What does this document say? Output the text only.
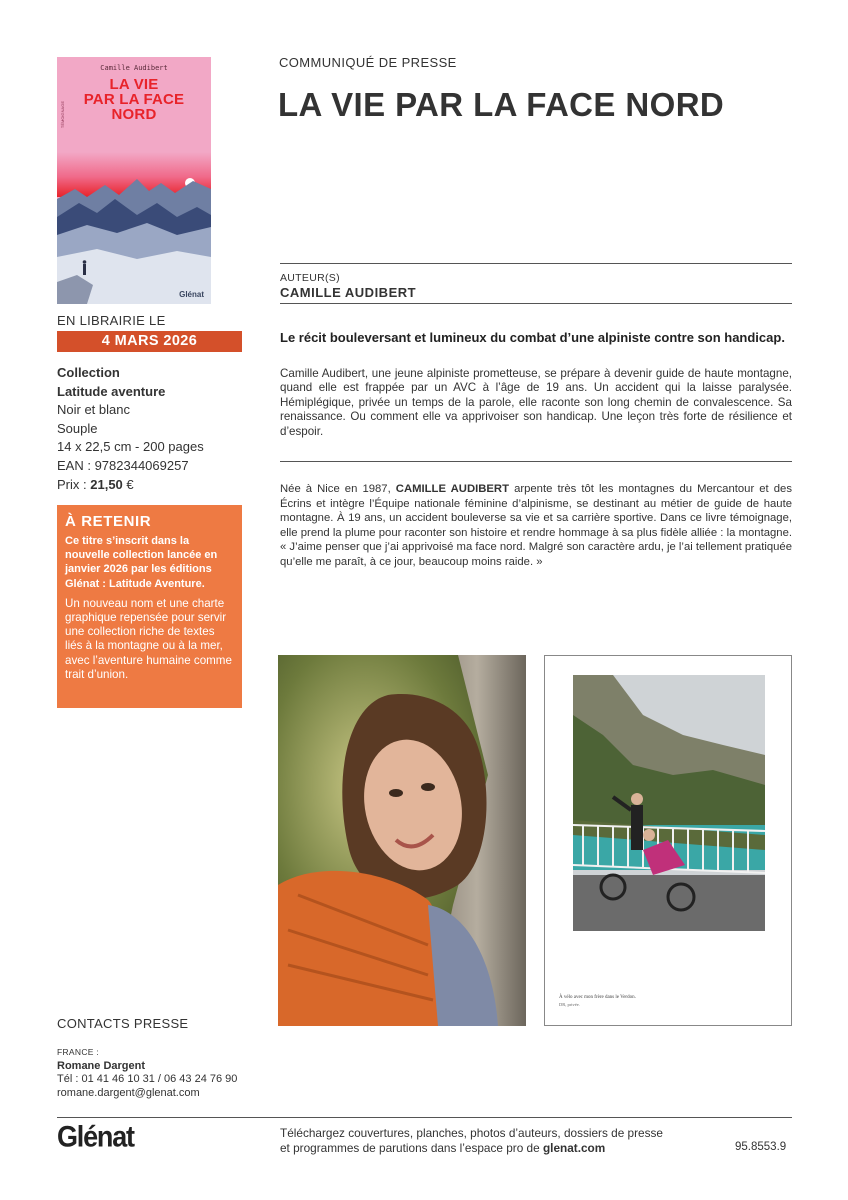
Camille Audibert
LA VIE
PAR LA FACE
NORD
TÉMOIGNAGE
Glénat
EN LIBRAIRIE LE
4 MARS 2026
Collection
Latitude aventure
Noir et blanc
Souple
14 x 22,5 cm - 200 pages
EAN : 9782344069257
Prix : 21,50 €
À RETENIR
Ce titre s’inscrit dans la nouvelle collection lancée en janvier 2026 par les éditions Glénat : Latitude Aventure.
Un nouveau nom et une charte graphique repensée pour servir une collection riche de textes liés à la montagne ou à la mer, avec l’aventure humaine comme trait d’union.
CONTACTS PRESSE
FRANCE :
Romane Dargent
Tél : 01 41 46 10 31 / 06 43 24 76 90
romane.dargent@glenat.com
COMMUNIQUÉ DE PRESSE
LA VIE PAR LA FACE NORD
AUTEUR(S)
CAMILLE AUDIBERT
Le récit bouleversant et lumineux du combat d’une alpiniste contre son handicap.
Camille Audibert, une jeune alpiniste prometteuse, se prépare à devenir guide de haute montagne, quand elle est frappée par un AVC à l’âge de 19 ans. Un accident qui la laisse paralysée. Hémiplégique, privée un temps de la parole, elle raconte son long chemin de convalescence. Sa renaissance. Ou comment elle va apprivoiser son handicap. Une leçon très forte de résilience et d’espoir.
Née à Nice en 1987, CAMILLE AUDIBERT arpente très tôt les montagnes du Mercantour et des Écrins et intègre l’Équipe nationale féminine d’alpinisme, se destinant au métier de guide de haute montagne. À 19 ans, un accident bouleverse sa vie et sa carrière sportive. Dans ce livre témoignage, elle prend la plume pour raconter son histoire et rendre hommage à sa plus fidèle alliée : la montagne. « J’aime penser que j’ai apprivoisé ma face nord. Malgré son caractère ardu, je l’ai tellement pratiquée qu’elle me paraît, à ce jour, beaucoup moins raide. »
À vélo avec mon frère dans le Verdon.
DR, privée.
Glénat	Téléchargez couvertures, planches, photos d’auteurs, dossiers de presse
et programmes de parutions dans l’espace pro de glenat.com	95.8553.9
